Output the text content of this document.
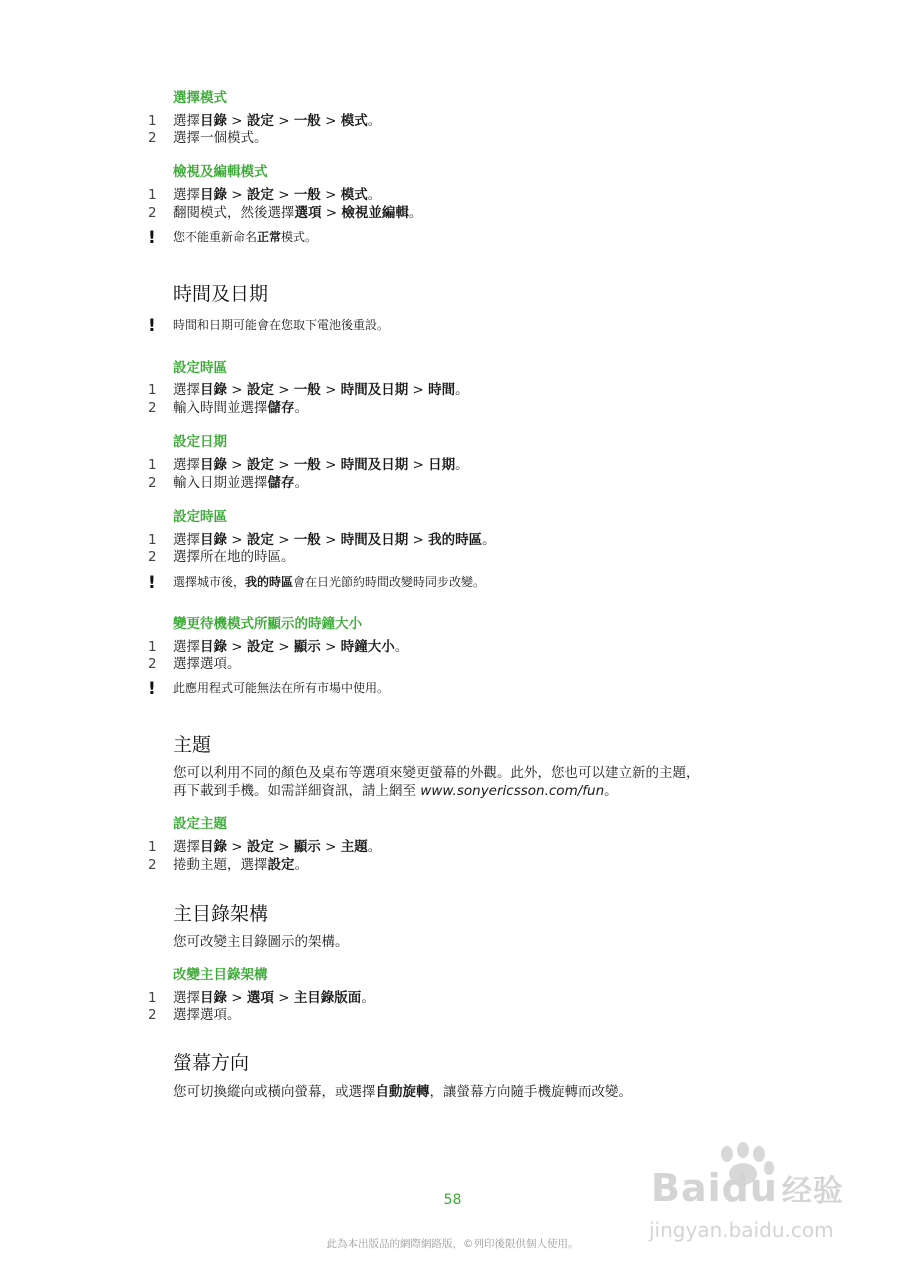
選擇模式
1 選擇目錄 > 設定 > 一般 > 模式。
2 選擇一個模式。
檢視及編輯模式
1 選擇目錄 > 設定 > 一般 > 模式。
2 翻閱模式，然後選擇選項 > 檢視並編輯。
! 您不能重新命名正常模式。
時間及日期
! 時間和日期可能會在您取下電池後重設。
設定時區
1 選擇目錄 > 設定 > 一般 > 時間及日期 > 時間。
2 輸入時間並選擇儲存。
設定日期
1 選擇目錄 > 設定 > 一般 > 時間及日期 > 日期。
2 輸入日期並選擇儲存。
設定時區
1 選擇目錄 > 設定 > 一般 > 時間及日期 > 我的時區。
2 選擇所在地的時區。
! 選擇城市後，我的時區會在日光節約時間改變時同步改變。
變更待機模式所顯示的時鐘大小
1 選擇目錄 > 設定 > 顯示 > 時鐘大小。
2 選擇選項。
! 此應用程式可能無法在所有市場中使用。
主題
您可以利用不同的顏色及桌布等選項來變更螢幕的外觀。此外，您也可以建立新的主題，
再下載到手機。如需詳細資訊，請上網至 www.sonyericsson.com/fun。
設定主題
1 選擇目錄 > 設定 > 顯示 > 主題。
2 捲動主題，選擇設定。
主目錄架構
您可改變主目錄圖示的架構。
改變主目錄架構
1 選擇目錄 > 選項 > 主目錄版面。
2 選擇選項。
螢幕方向
您可切換縱向或橫向螢幕，或選擇自動旋轉，讓螢幕方向隨手機旋轉而改變。
58
此為本出版品的網際網路版，©列印後限供個人使用。
Baidu 经验
jingyan.baidu.com
